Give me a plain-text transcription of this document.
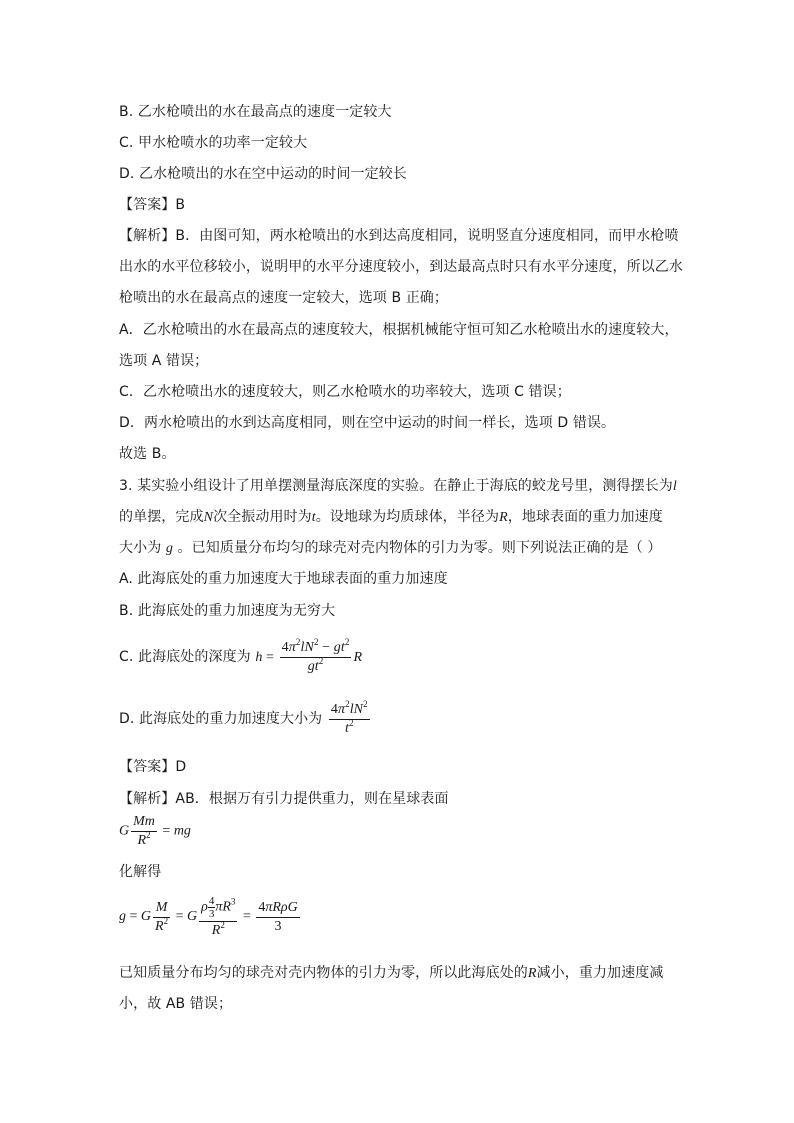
B. 乙水枪喷出的水在最高点的速度一定较大
C. 甲水枪喷水的功率一定较大
D. 乙水枪喷出的水在空中运动的时间一定较长
【答案】B
【解析】B．由图可知，两水枪喷出的水到达高度相同，说明竖直分速度相同，而甲水枪喷
出水的水平位移较小，说明甲的水平分速度较小，到达最高点时只有水平分速度，所以乙水
枪喷出的水在最高点的速度一定较大，选项 B 正确；
A．乙水枪喷出的水在最高点的速度较大，根据机械能守恒可知乙水枪喷出水的速度较大，
选项 A 错误；
C．乙水枪喷出水的速度较大，则乙水枪喷水的功率较大，选项 C 错误；
D．两水枪喷出的水到达高度相同，则在空中运动的时间一样长，选项 D 错误。
故选 B。
3. 某实验小组设计了用单摆测量海底深度的实验。在静止于海底的蛟龙号里，测得摆长为l
的单摆，完成N次全振动用时为t。设地球为均质球体，半径为R，地球表面的重力加速度
大小为 g 。已知质量分布均匀的球壳对壳内物体的引力为零。则下列说法正确的是（ ）
A. 此海底处的重力加速度大于地球表面的重力加速度
B. 此海底处的重力加速度为无穷大
C. 此海底处的深度为 $h = \frac{4\pi^2lN^2 - gt^2}{gt^2}$ R
D. 此海底处的重力加速度大小为 $\frac{4\pi^2lN^2}{t^2}$
【答案】D
【解析】AB．根据万有引力提供重力，则在星球表面
G $\frac{Mm}{R^2}$ = mg
化解得
g = G $\frac{M}{R^2} = G \frac{\rho \frac{4}{3} \pi R^3}{R^2} = \frac{\text{4πRρG}}{3}$
已知质量分布均匀的球壳对壳内物体的引力为零，所以此海底处的R减小，重力加速度减
小，故 AB 错误；
